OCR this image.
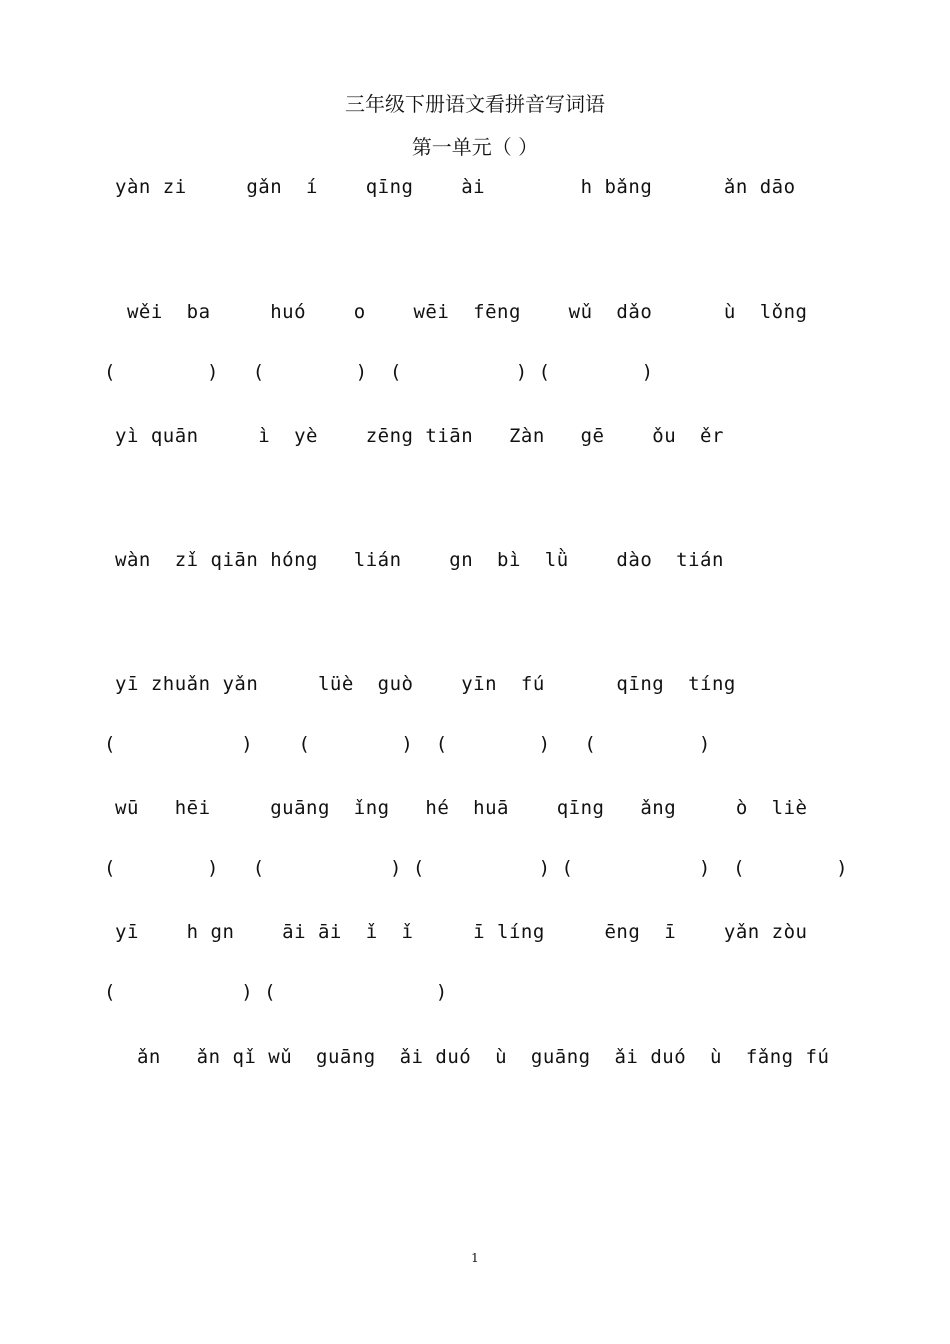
三年级下册语文看拼音写词语
第一单元（ ）
yàn zi     gǎn  í    qīng    ài        h bǎng      ǎn dāo
wěi  ba     huó    o    wēi  fēng    wǔ  dǎo      ù  lǒng
(        )   (        )  (          ) (        )
yì quān     ì  yè    zēng tiān   Zàn   gē    ǒu  ěr
wàn  zǐ qiān hóng   lián    gn  bì  lǜ    dào  tián
yī zhuǎn yǎn     lüè  guò    yīn  fú      qīng  tíng
(           )    (        )  (        )   (         )
wū   hēi     guāng  ǐng   hé  huā    qīng   ǎng     ò  liè
(        )   (           ) (          ) (           )  (        )
yī    h gn    āi āi  ǐ  ǐ     ī líng     ēng  ī    yǎn zòu
(           ) (              )
ǎn   ǎn qǐ wǔ  guāng  ǎi duó  ù  guāng  ǎi duó  ù  fǎng fú
1
